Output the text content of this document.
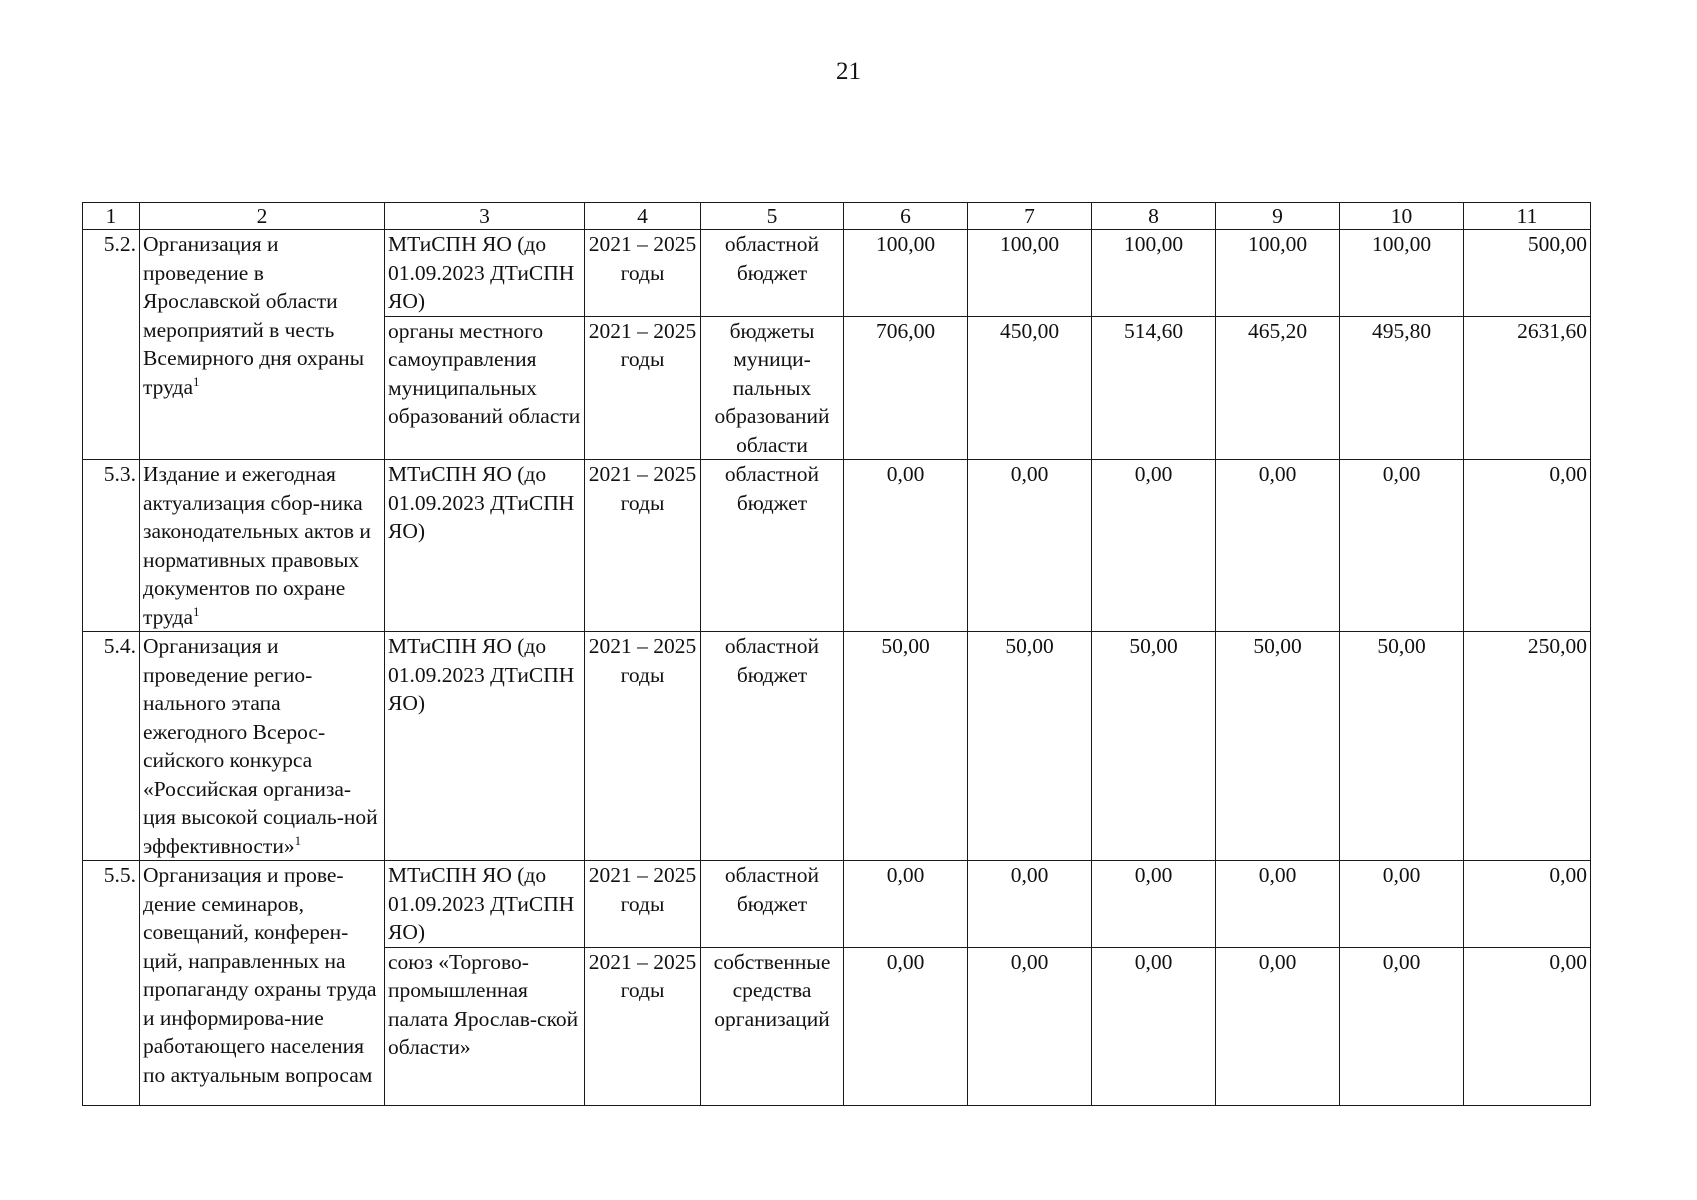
21
1	2	3	4	5	6	7	8	9	10	11
5.2.	Организация и проведение в Ярославской области мероприятий в честь Всемирного дня охраны труда$^1$	МТиСПН ЯО (до 01.09.2023 ДТиСПН ЯО)	2021 – 2025 годы	областной бюджет	100,00	100,00	100,00	100,00	100,00	500,00
		органы местного самоуправления муниципальных образований области	2021 – 2025 годы	бюджеты муници-пальных образований области	706,00	450,00	514,60	465,20	495,80	2631,60
5.3.	Издание и ежегодная актуализация сбор-ника законодательных актов и нормативных правовых документов по охране труда$^1$	МТиСПН ЯО (до 01.09.2023 ДТиСПН ЯО)	2021 – 2025 годы	областной бюджет	0,00	0,00	0,00	0,00	0,00	0,00
5.4.	Организация и проведение регио-нального этапа ежегодного Всерос-сийского конкурса «Российская организа-ция высокой социаль-ной эффективности»$^1$	МТиСПН ЯО (до 01.09.2023 ДТиСПН ЯО)	2021 – 2025 годы	областной бюджет	50,00	50,00	50,00	50,00	50,00	250,00
5.5.	Организация и прове-дение семинаров, совещаний, конферен-ций, направленных на пропаганду охраны труда и информирова-ние работающего населения по актуальным вопросам	МТиСПН ЯО (до 01.09.2023 ДТиСПН ЯО)	2021 – 2025 годы	областной бюджет	0,00	0,00	0,00	0,00	0,00	0,00
		союз «Торгово-промышленная палата Ярослав-ской области»	2021 – 2025 годы	собственные средства организаций	0,00	0,00	0,00	0,00	0,00	0,00
